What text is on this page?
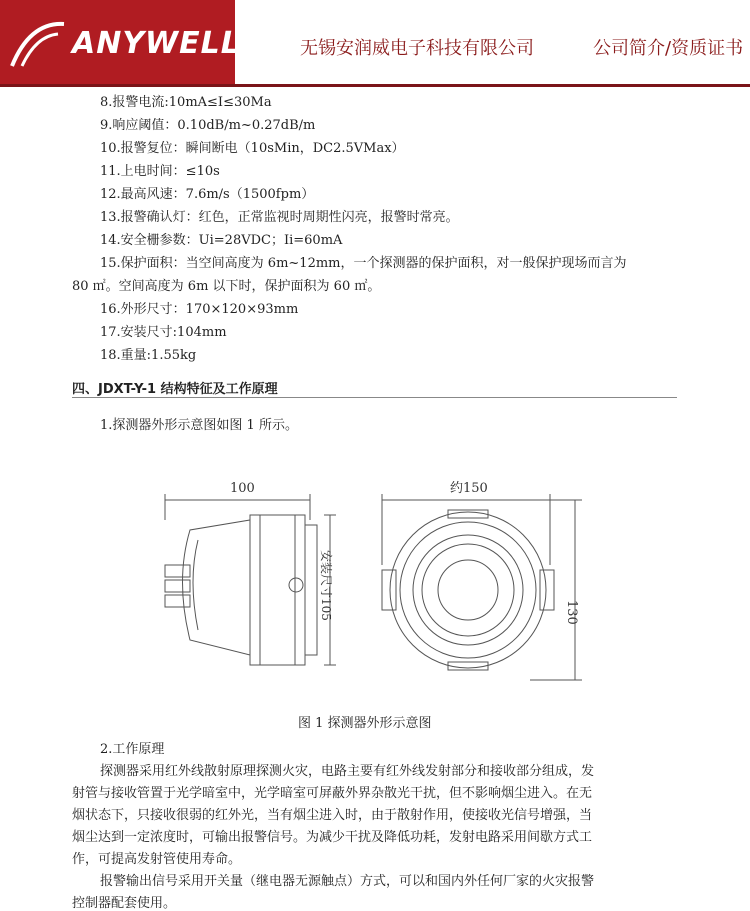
ANYWELL	无锡安润威电子科技有限公司	公司简介/资质证书
8.报警电流:10mA≤I≤30Ma
9.响应阈值：0.10dB/m~0.27dB/m
10.报警复位：瞬间断电（10sMin，DC2.5VMax）
11.上电时间：≤10s
12.最高风速：7.6m/s（1500fpm）
13.报警确认灯：红色，正常监视时周期性闪亮，报警时常亮。
14.安全栅参数：Ui=28VDC；Ii=60mA
15.保护面积：当空间高度为 6m~12mm，一个探测器的保护面积，对一般保护现场而言为
80 ㎡。空间高度为 6m 以下时，保护面积为 60 ㎡。
16.外形尺寸：170×120×93mm
17.安装尺寸:104mm
18.重量:1.55kg
四、JDXT-Y-1 结构特征及工作原理
1.探测器外形示意图如图 1 所示。
100	约150
130
安装尺寸105
图 1 探测器外形示意图
2.工作原理
探测器采用红外线散射原理探测火灾，电路主要有红外线发射部分和接收部分组成，发
射管与接收管置于光学暗室中，光学暗室可屏蔽外界杂散光干扰，但不影响烟尘进入。在无
烟状态下，只接收很弱的红外光，当有烟尘进入时，由于散射作用，使接收光信号增强，当
烟尘达到一定浓度时，可输出报警信号。为减少干扰及降低功耗，发射电路采用间歇方式工
作，可提高发射管使用寿命。
报警输出信号采用开关量（继电器无源触点）方式，可以和国内外任何厂家的火灾报警
控制器配套使用。
